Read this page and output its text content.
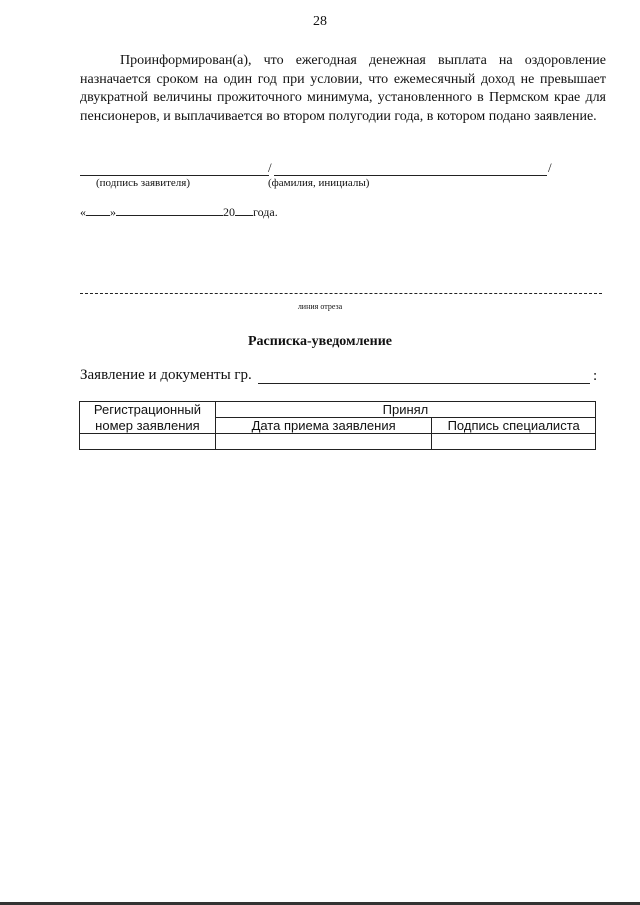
28

Проинформирован(а), что ежегодная денежная выплата на оздоровление назначается сроком на один год при условии, что ежемесячный доход не превышает двукратной величины прожиточного минимума, установленного в Пермском крае для пенсионеров, и выплачивается во втором полугодии года, в котором подано заявление.

/	/
(подпись заявителя)	(фамилия, инициалы)
« »	20 года.
линия отреза
Расписка-уведомление
Заявление и документы гр.	:
Регистрационный	Принял	
номер заявления	Дата приема заявления	Подпись специалиста
